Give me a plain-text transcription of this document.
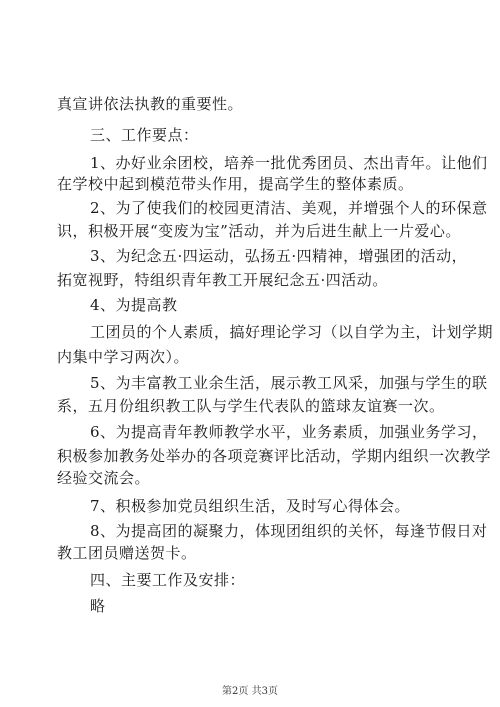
真宣讲依法执教的重要性。
三、工作要点：
1、办好业余团校，培养一批优秀团员、杰出青年。让他们
在学校中起到模范带头作用，提高学生的整体素质。
2、为了使我们的校园更清洁、美观，并增强个人的环保意
识，积极开展“变废为宝”活动，并为后进生献上一片爱心。
3、为纪念五·四运动，弘扬五·四精神，增强团的活动，
拓宽视野，特组织青年教工开展纪念五·四活动。
4、为提高教
工团员的个人素质，搞好理论学习（以自学为主，计划学期
内集中学习两次）。
5、为丰富教工业余生活，展示教工风采，加强与学生的联
系，五月份组织教工队与学生代表队的篮球友谊赛一次。
6、为提高青年教师教学水平，业务素质，加强业务学习，
积极参加教务处举办的各项竞赛评比活动，学期内组织一次教学
经验交流会。
7、积极参加党员组织生活，及时写心得体会。
8、为提高团的凝聚力，体现团组织的关怀，每逢节假日对
教工团员赠送贺卡。
四、主要工作及安排：
略
第2页 共3页
